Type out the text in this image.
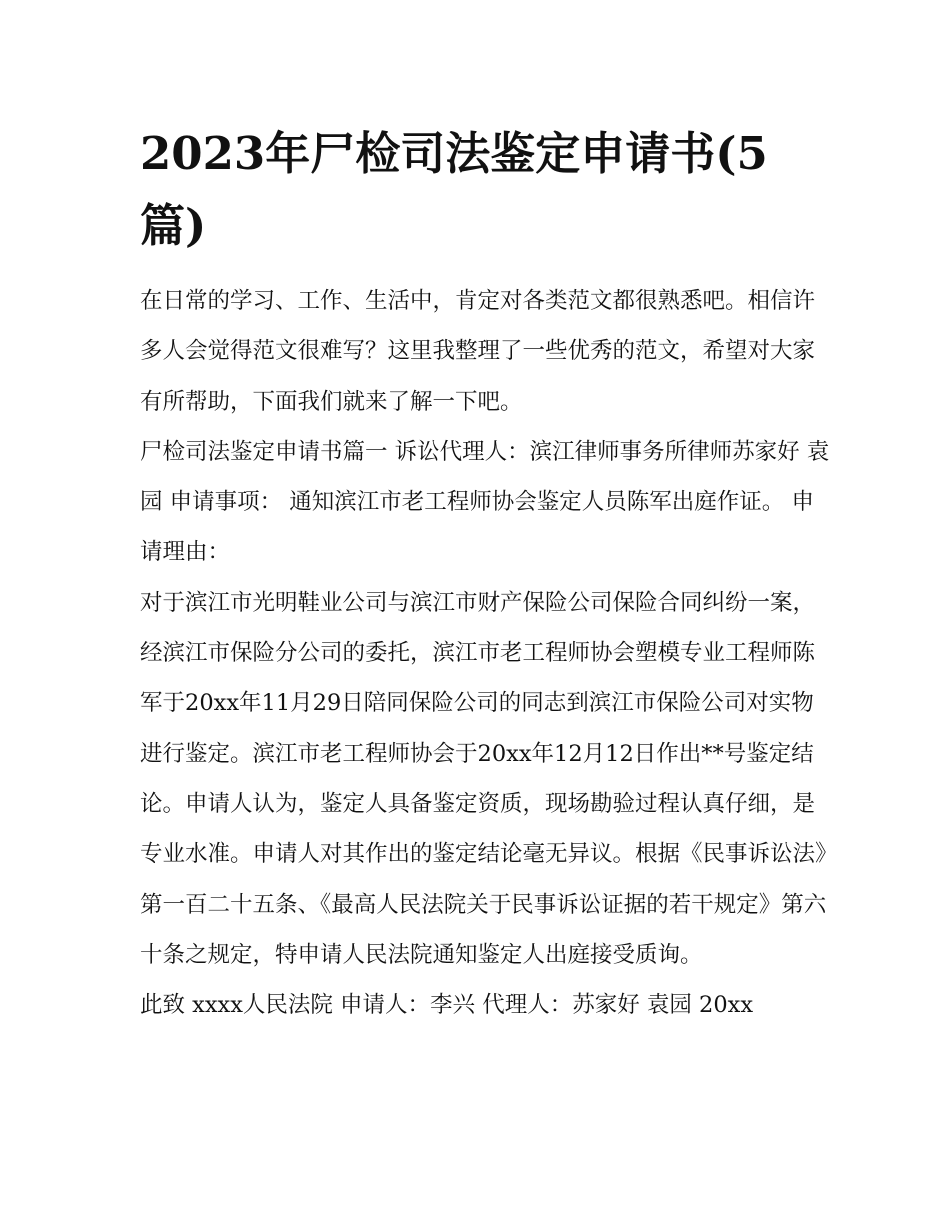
2023年尸检司法鉴定申请书(5篇)

在日常的学习、工作、生活中，肯定对各类范文都很熟悉吧。相信许多人会觉得范文很难写？这里我整理了一些优秀的范文，希望对大家有所帮助，下面我们就来了解一下吧。

尸检司法鉴定申请书篇一 诉讼代理人：滨江律师事务所律师苏家好 袁园 申请事项： 通知滨江市老工程师协会鉴定人员陈军出庭作证。 申请理由：

对于滨江市光明鞋业公司与滨江市财产保险公司保险合同纠纷一案，经滨江市保险分公司的委托，滨江市老工程师协会塑模专业工程师陈军于20xx年11月29日陪同保险公司的同志到滨江市保险公司对实物进行鉴定。滨江市老工程师协会于20xx年12月12日作出**号鉴定结论。申请人认为，鉴定人具备鉴定资质，现场勘验过程认真仔细，是专业水准。申请人对其作出的鉴定结论毫无异议。根据《民事诉讼法》第一百二十五条、《最高人民法院关于民事诉讼证据的若干规定》第六十条之规定，特申请人民法院通知鉴定人出庭接受质询。

此致 xxxx人民法院 申请人：李兴 代理人：苏家好 袁园 20xx
